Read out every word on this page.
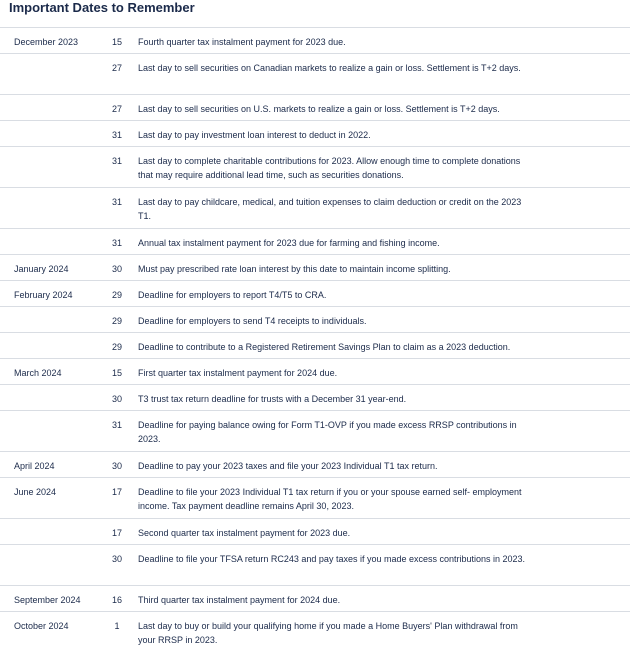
Important Dates to Remember
December 2023	15	Fourth quarter tax instalment payment for 2023 due.
27	Last day to sell securities on Canadian markets to realize a gain or loss. Settlement is T+2 days.
27	Last day to sell securities on U.S. markets to realize a gain or loss. Settlement is T+2 days.
31	Last day to pay investment loan interest to deduct in 2022.
31	Last day to complete charitable contributions for 2023. Allow enough time to complete donations that may require additional lead time, such as securities donations.
31	Last day to pay childcare, medical, and tuition expenses to claim deduction or credit on the 2023 T1.
31	Annual tax instalment payment for 2023 due for farming and fishing income.
January 2024	30	Must pay prescribed rate loan interest by this date to maintain income splitting.
February 2024	29	Deadline for employers to report T4/T5 to CRA.
29	Deadline for employers to send T4 receipts to individuals.
29	Deadline to contribute to a Registered Retirement Savings Plan to claim as a 2023 deduction.
March 2024	15	First quarter tax instalment payment for 2024 due.
30	T3 trust tax return deadline for trusts with a December 31 year-end.
31	Deadline for paying balance owing for Form T1-OVP if you made excess RRSP contributions in 2023.
April 2024	30	Deadline to pay your 2023 taxes and file your 2023 Individual T1 tax return.
June 2024	17	Deadline to file your 2023 Individual T1 tax return if you or your spouse earned self- employment income. Tax payment deadline remains April 30, 2023.
17	Second quarter tax instalment payment for 2023 due.
30	Deadline to file your TFSA return RC243 and pay taxes if you made excess contributions in 2023.
September 2024	16	Third quarter tax instalment payment for 2024 due.
October 2024	1	Last day to buy or build your qualifying home if you made a Home Buyers' Plan withdrawal from your RRSP in 2023.
